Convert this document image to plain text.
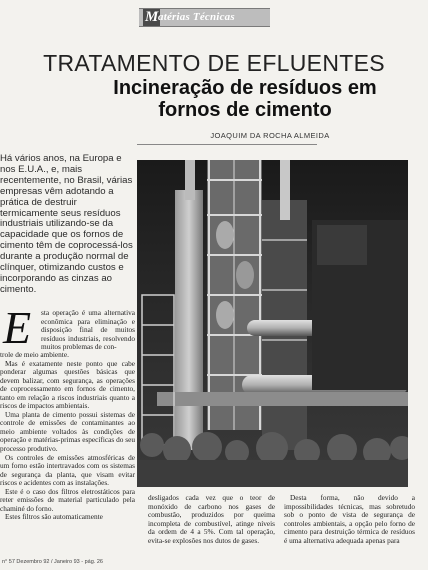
M atérias Técnicas
TRATAMENTO DE EFLUENTES
Incineração de resíduos em fornos de cimento
JOAQUIM DA ROCHA ALMEIDA
Há vários anos, na Europa e nos E.U.A., e, mais recentemente, no Brasil, várias empresas vêm adotando a prática de destruir termicamente seus resíduos industriais utilizando-se da capacidade que os fornos de cimento têm de coprocessá-los durante a produção normal de clínquer, otimizando custos e incorporando as cinzas ao cimento.
E sta operação é uma alternativa econômica para eliminação e disposição final de muitos resíduos industriais, resolvendo muitos problemas de con-

trole de meio ambiente.

Mas é exatamente neste ponto que cabe ponderar algumas questões básicas que devem balizar, com segurança, as operações de coprocessamento em fornos de cimento, tanto em relação a riscos industriais quanto a riscos de impactos ambientais.

Uma planta de cimento possui sistemas de controle de emissões de contaminantes ao meio ambiente voltados às condições de operação e matérias-primas específicas do seu processo produtivo.

Os controles de emissões atmosféricas de um forno estão intertravados com os sistemas de segurança da planta, que visam evitar riscos e acidentes com as instalações.

Este é o caso dos filtros eletrostáticos para reter emissões de material particulado pela chaminé do forno.

Estes filtros são automaticamente

desligados cada vez que o teor de monóxido de carbono nos gases de combustão, produzidos por queima incompleta de combustível, atinge níveis da ordem de 4 a 5%. Com tal operação, evita-se explosões nos dutos de gases.
Desta forma, não devido a impossibilidades técnicas, mas sobretudo sob o ponto de vista de segurança de controles ambientais, a opção pelo forno de cimento para destruição térmica de resíduos é uma alternativa adequada apenas para
n° 57 Dezembro 92 / Janeiro 93 - pág. 26
